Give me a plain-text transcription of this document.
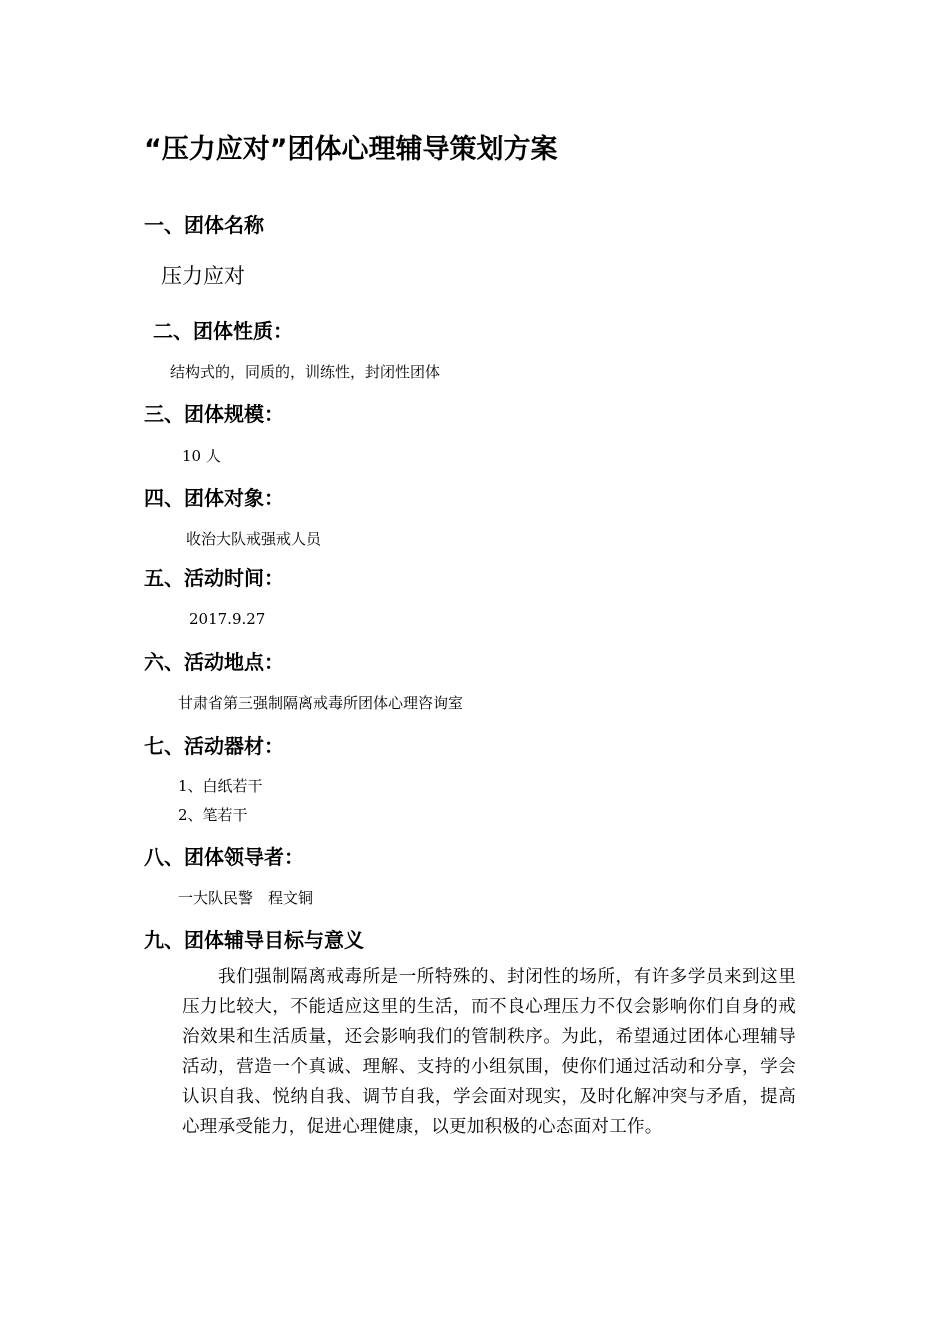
“压力应对”团体心理辅导策划方案
一、团体名称
压力应对
二、团体性质：
结构式的，同质的，训练性，封闭性团体
三、团体规模：
10 人
四、团体对象：
收治大队戒强戒人员
五、活动时间：
2017.9.27
六、活动地点：
甘肃省第三强制隔离戒毒所团体心理咨询室
七、活动器材：
1、白纸若干
2、笔若干
八、团体领导者：
一大队民警　程文铜
九、团体辅导目标与意义
我们强制隔离戒毒所是一所特殊的、封闭性的场所，有许多学员来到这里压力比较大，不能适应这里的生活，而不良心理压力不仅会影响你们自身的戒治效果和生活质量，还会影响我们的管制秩序。为此，希望通过团体心理辅导活动，营造一个真诚、理解、支持的小组氛围，使你们通过活动和分享，学会认识自我、悦纳自我、调节自我，学会面对现实，及时化解冲突与矛盾，提高心理承受能力，促进心理健康，以更加积极的心态面对工作。
